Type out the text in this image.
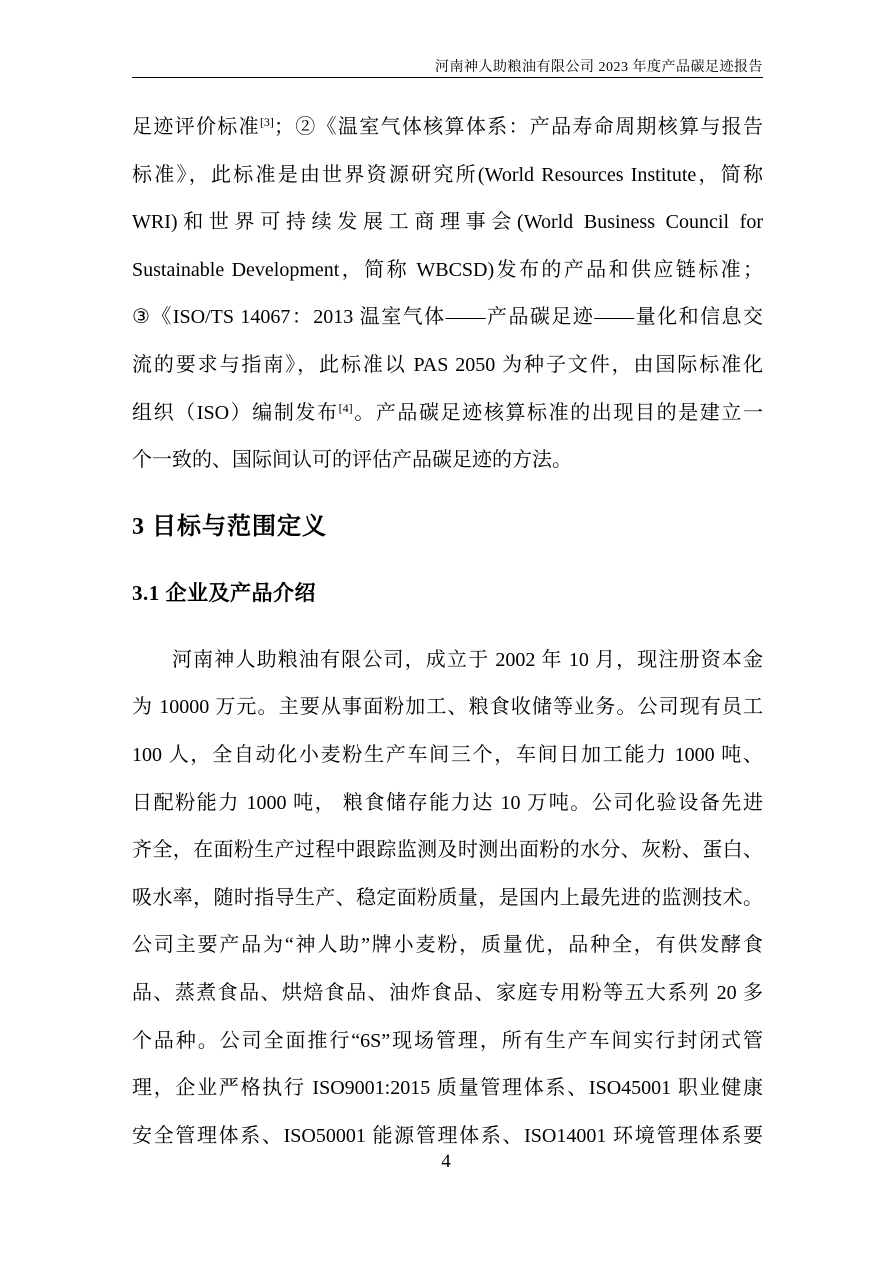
河南神人助粮油有限公司 2023 年度产品碳足迹报告
足迹评价标准[3]；②《温室气体核算体系：产品寿命周期核算与报告
标准》，此标准是由世界资源研究所(World Resources Institute，简称
WRI)和世界可持续发展工商理事会(World Business Council for
Sustainable Development，简称 WBCSD)发布的产品和供应链标准；
③《ISO/TS 14067：2013 温室气体——产品碳足迹——量化和信息交
流的要求与指南》，此标准以 PAS 2050 为种子文件，由国际标准化
组织（ISO）编制发布[4]。产品碳足迹核算标准的出现目的是建立一
个一致的、国际间认可的评估产品碳足迹的方法。
3 目标与范围定义
3.1 企业及产品介绍
河南神人助粮油有限公司，成立于 2002 年 10 月，现注册资本金
为 10000 万元。主要从事面粉加工、粮食收储等业务。公司现有员工
100 人，全自动化小麦粉生产车间三个，车间日加工能力 1000 吨、
日配粉能力 1000 吨， 粮食储存能力达 10 万吨。公司化验设备先进
齐全，在面粉生产过程中跟踪监测及时测出面粉的水分、灰粉、蛋白、
吸水率，随时指导生产、稳定面粉质量，是国内上最先进的监测技术。
公司主要产品为“神人助”牌小麦粉，质量优，品种全，有供发酵食
品、蒸煮食品、烘焙食品、油炸食品、家庭专用粉等五大系列 20 多
个品种。公司全面推行“6S”现场管理，所有生产车间实行封闭式管
理，企业严格执行 ISO9001:2015 质量管理体系、ISO45001 职业健康
安全管理体系、ISO50001 能源管理体系、ISO14001 环境管理体系要
4
